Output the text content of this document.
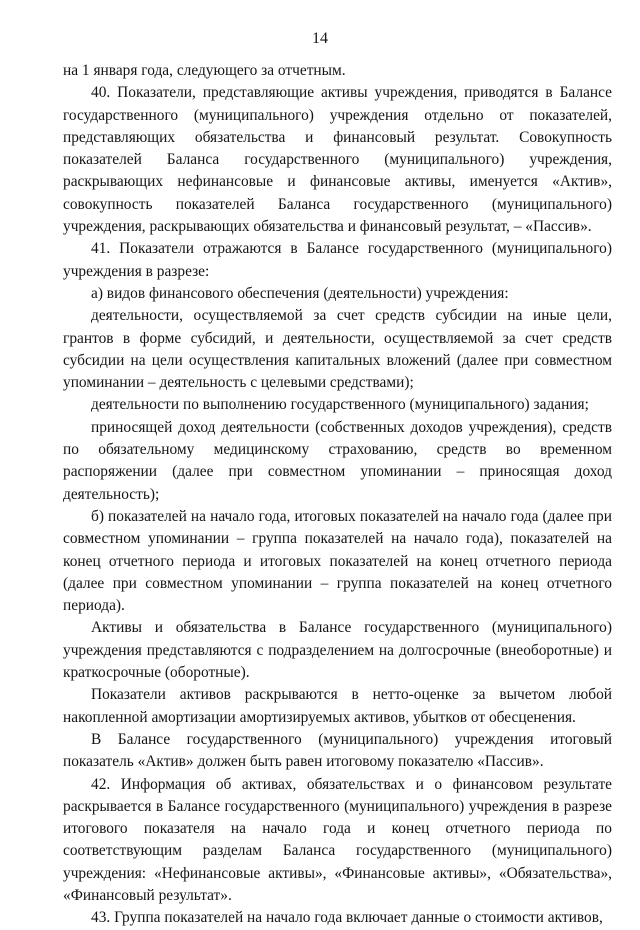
14

на 1 января года, следующего за отчетным.

40. Показатели, представляющие активы учреждения, приводятся в Балансе государственного (муниципального) учреждения отдельно от показателей, представляющих обязательства и финансовый результат. Совокупность показателей Баланса государственного (муниципального) учреждения, раскрывающих нефинансовые и финансовые активы, именуется «Актив», совокупность показателей Баланса государственного (муниципального) учреждения, раскрывающих обязательства и финансовый результат, – «Пассив».

41. Показатели отражаются в Балансе государственного (муниципального) учреждения в разрезе:

а) видов финансового обеспечения (деятельности) учреждения:

деятельности, осуществляемой за счет средств субсидии на иные цели, грантов в форме субсидий, и деятельности, осуществляемой за счет средств субсидии на цели осуществления капитальных вложений (далее при совместном упоминании – деятельность с целевыми средствами);

деятельности по выполнению государственного (муниципального) задания;

приносящей доход деятельности (собственных доходов учреждения), средств по обязательному медицинскому страхованию, средств во временном распоряжении (далее при совместном упоминании – приносящая доход деятельность);

б) показателей на начало года, итоговых показателей на начало года (далее при совместном упоминании – группа показателей на начало года), показателей на конец отчетного периода и итоговых показателей на конец отчетного периода (далее при совместном упоминании – группа показателей на конец отчетного периода).

Активы и обязательства в Балансе государственного (муниципального) учреждения представляются с подразделением на долгосрочные (внеоборотные) и краткосрочные (оборотные).

Показатели активов раскрываются в нетто-оценке за вычетом любой накопленной амортизации амортизируемых активов, убытков от обесценения.

В Балансе государственного (муниципального) учреждения итоговый показатель «Актив» должен быть равен итоговому показателю «Пассив».

42. Информация об активах, обязательствах и о финансовом результате раскрывается в Балансе государственного (муниципального) учреждения в разрезе итогового показателя на начало года и конец отчетного периода по соответствующим разделам Баланса государственного (муниципального) учреждения: «Нефинансовые активы», «Финансовые активы», «Обязательства», «Финансовый результат».

43. Группа показателей на начало года включает данные о стоимости активов,
